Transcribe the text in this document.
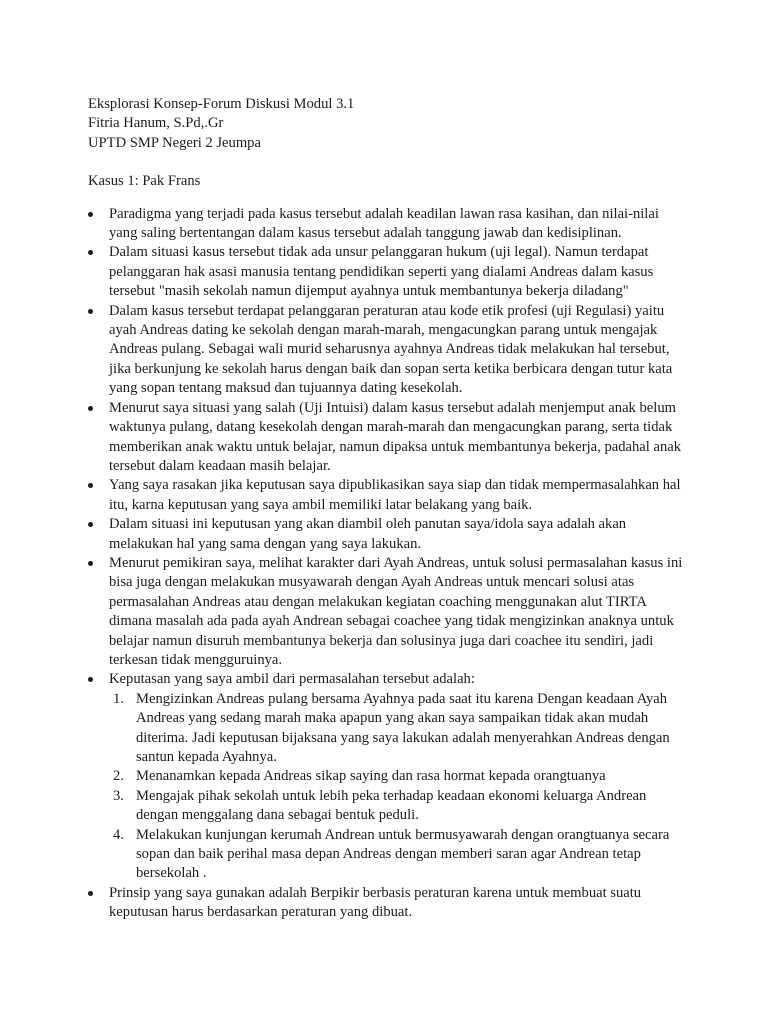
Eksplorasi Konsep-Forum Diskusi Modul 3.1

Fitria Hanum, S.Pd,.Gr

UPTD SMP Negeri 2 Jeumpa

Kasus 1: Pak Frans

Paradigma yang terjadi pada kasus tersebut adalah keadilan lawan rasa kasihan, dan nilai-nilai yang saling bertentangan dalam kasus tersebut adalah tanggung jawab dan kedisiplinan.
Dalam situasi kasus tersebut tidak ada unsur pelanggaran hukum (uji legal). Namun terdapat pelanggaran hak asasi manusia tentang pendidikan seperti yang dialami Andreas dalam kasus tersebut "masih sekolah namun dijemput ayahnya untuk membantunya bekerja diladang"
Dalam kasus tersebut terdapat pelanggaran peraturan atau kode etik profesi (uji Regulasi) yaitu ayah Andreas dating ke sekolah dengan marah-marah, mengacungkan parang untuk mengajak Andreas pulang. Sebagai wali murid seharusnya ayahnya Andreas tidak melakukan hal tersebut, jika berkunjung ke sekolah harus dengan baik dan sopan serta ketika berbicara dengan tutur kata yang sopan tentang maksud dan tujuannya dating kesekolah.
Menurut saya situasi yang salah (Uji Intuisi) dalam kasus tersebut adalah menjemput anak belum waktunya pulang, datang kesekolah dengan marah-marah dan mengacungkan parang, serta tidak memberikan anak waktu untuk belajar, namun dipaksa untuk membantunya bekerja, padahal anak tersebut dalam keadaan masih belajar.
Yang saya rasakan jika keputusan saya dipublikasikan saya siap dan tidak mempermasalahkan hal itu, karna keputusan yang saya ambil memiliki latar belakang yang baik.
Dalam situasi ini keputusan yang akan diambil oleh panutan saya/idola saya adalah akan melakukan hal yang sama dengan yang saya lakukan.
Menurut pemikiran saya, melihat karakter dari Ayah Andreas, untuk solusi permasalahan kasus ini bisa juga dengan melakukan musyawarah dengan Ayah Andreas untuk mencari solusi atas permasalahan Andreas atau dengan melakukan kegiatan coaching menggunakan alut TIRTA dimana masalah ada pada ayah Andrean sebagai coachee yang tidak mengizinkan anaknya untuk belajar namun disuruh membantunya bekerja dan solusinya juga dari coachee itu sendiri, jadi terkesan tidak mengguruinya.
Keputasan yang saya ambil dari permasalahan tersebut adalah:
1. Mengizinkan Andreas pulang bersama Ayahnya pada saat itu karena Dengan keadaan Ayah Andreas yang sedang marah maka apapun yang akan saya sampaikan tidak akan mudah diterima. Jadi keputusan bijaksana yang saya lakukan adalah menyerahkan Andreas dengan santun kepada Ayahnya.
2. Menanamkan kepada Andreas sikap saying dan rasa hormat kepada orangtuanya
3. Mengajak pihak sekolah untuk lebih peka terhadap keadaan ekonomi keluarga Andrean dengan menggalang dana sebagai bentuk peduli.
4. Melakukan kunjungan kerumah Andrean untuk bermusyawarah dengan orangtuanya secara sopan dan baik perihal masa depan Andreas dengan memberi saran agar Andrean tetap bersekolah .
Prinsip yang saya gunakan adalah Berpikir berbasis peraturan karena untuk membuat suatu keputusan harus berdasarkan peraturan yang dibuat.
